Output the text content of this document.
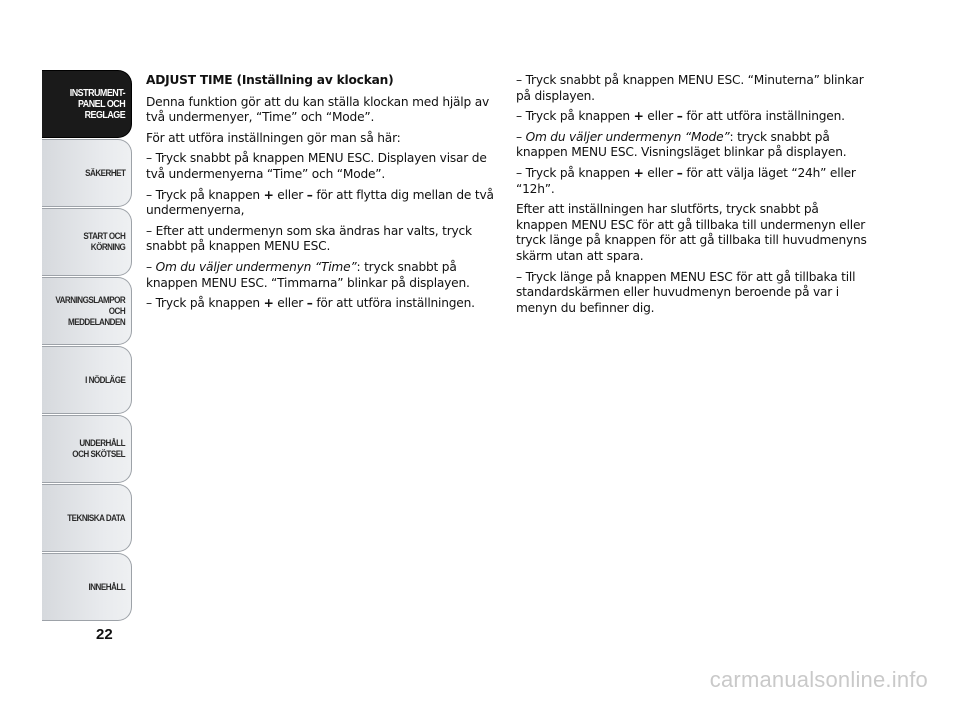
INSTRUMENT-
PANEL OCH
REGLAGE
SÄKERHET
START OCH
KÖRNING
VARNINGSLAMPOR
OCH
MEDDELANDEN
I NÖDLÄGE
UNDERHÅLL
OCH SKÖTSEL
TEKNISKA DATA
INNEHÅLL
22

ADJUST TIME (Inställning av klockan)

Denna funktion gör att du kan ställa klockan med hjälp av två undermenyer, “Time” och “Mode”.

För att utföra inställningen gör man så här:

– Tryck snabbt på knappen MENU ESC. Displayen visar de två undermenyerna “Time” och “Mode”.

– Tryck på knappen + eller – för att flytta dig mellan de två undermenyerna,

– Efter att undermenyn som ska ändras har valts, tryck snabbt på knappen MENU ESC.

– Om du väljer undermenyn “Time”: tryck snabbt på knappen MENU ESC. “Timmarna” blinkar på displayen.

– Tryck på knappen + eller – för att utföra inställningen.

– Tryck snabbt på knappen MENU ESC. “Minuterna” blinkar på displayen.

– Tryck på knappen + eller – för att utföra inställningen.

– Om du väljer undermenyn “Mode”: tryck snabbt på knappen MENU ESC. Visningsläget blinkar på displayen.

– Tryck på knappen + eller – för att välja läget “24h” eller “12h”.

Efter att inställningen har slutförts, tryck snabbt på knappen MENU ESC för att gå tillbaka till undermenyn eller tryck länge på knappen för att gå tillbaka till huvudmenyns skärm utan att spara.

– Tryck länge på knappen MENU ESC för att gå tillbaka till standardskärmen eller huvudmenyn beroende på var i menyn du befinner dig.

carmanualsonline.info
